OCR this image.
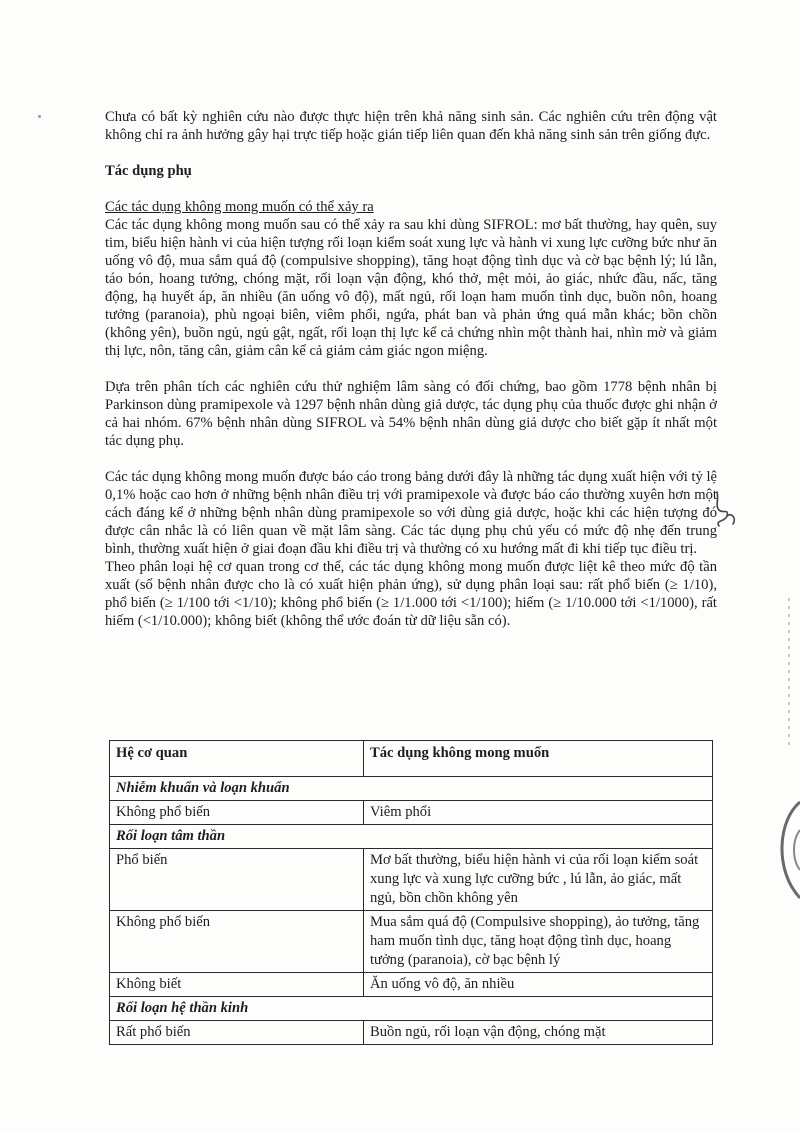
Chưa có bất kỳ nghiên cứu nào được thực hiện trên khả năng sinh sản. Các nghiên cứu trên động vật không chỉ ra ảnh hưởng gây hại trực tiếp hoặc gián tiếp liên quan đến khả năng sinh sản trên giống đực.

Tác dụng phụ

Các tác dụng không mong muốn có thể xảy ra

Các tác dụng không mong muốn sau có thể xảy ra sau khi dùng SIFROL: mơ bất thường, hay quên, suy tim, biểu hiện hành vi của hiện tượng rối loạn kiểm soát xung lực và hành vi xung lực cưỡng bức như ăn uống vô độ, mua sắm quá độ (compulsive shopping), tăng hoạt động tình dục và cờ bạc bệnh lý; lú lẫn, táo bón, hoang tưởng, chóng mặt, rối loạn vận động, khó thở, mệt mỏi, ảo giác, nhức đầu, nấc, tăng động, hạ huyết áp, ăn nhiều (ăn uống vô độ), mất ngủ, rối loạn ham muốn tình dục, buồn nôn, hoang tưởng (paranoia), phù ngoại biên, viêm phổi, ngứa, phát ban và phản ứng quá mẫn khác; bồn chồn (không yên), buồn ngủ, ngủ gật, ngất, rối loạn thị lực kể cả chứng nhìn một thành hai, nhìn mờ và giảm thị lực, nôn, tăng cân, giảm cân kể cả giảm cảm giác ngon miệng.

Dựa trên phân tích các nghiên cứu thử nghiệm lâm sàng có đối chứng, bao gồm 1778 bệnh nhân bị Parkinson dùng pramipexole và 1297 bệnh nhân dùng giả dược, tác dụng phụ của thuốc được ghi nhận ở cả hai nhóm. 67% bệnh nhân dùng SIFROL và 54% bệnh nhân dùng giả dược cho biết gặp ít nhất một tác dụng phụ.

Các tác dụng không mong muốn được báo cáo trong bảng dưới đây là những tác dụng xuất hiện với tỷ lệ 0,1% hoặc cao hơn ở những bệnh nhân điều trị với pramipexole và được báo cáo thường xuyên hơn một cách đáng kể ở những bệnh nhân dùng pramipexole so với dùng giả dược, hoặc khi các hiện tượng đó được cân nhắc là có liên quan về mặt lâm sàng. Các tác dụng phụ chủ yếu có mức độ nhẹ đến trung bình, thường xuất hiện ở giai đoạn đầu khi điều trị và thường có xu hướng mất đi khi tiếp tục điều trị.

Theo phân loại hệ cơ quan trong cơ thể, các tác dụng không mong muốn được liệt kê theo mức độ tần xuất (số bệnh nhân được cho là có xuất hiện phản ứng), sử dụng phân loại sau: rất phổ biến (≥ 1/10), phổ biến (≥ 1/100 tới <1/10); không phổ biến (≥ 1/1.000 tới <1/100); hiếm (≥ 1/10.000 tới <1/1000), rất hiếm (<1/10.000); không biết (không thể ước đoán từ dữ liệu sẵn có).

Hệ cơ quan	Tác dụng không mong muốn
Nhiễm khuẩn và loạn khuẩn	
Không phổ biến	Viêm phổi
Rối loạn tâm thần	
Phổ biến	Mơ bất thường, biểu hiện hành vi của rối loạn kiểm soát xung lực và xung lực cưỡng bức , lú lẫn, ảo giác, mất ngủ, bồn chồn không yên
Không phổ biến	Mua sắm quá độ (Compulsive shopping), ảo tưởng, tăng ham muốn tình dục, tăng hoạt động tình dục, hoang tưởng (paranoia), cờ bạc bệnh lý
Không biết	Ăn uống vô độ, ăn nhiều
Rối loạn hệ thần kinh	
Rất phổ biến	Buồn ngủ, rối loạn vận động, chóng mặt
